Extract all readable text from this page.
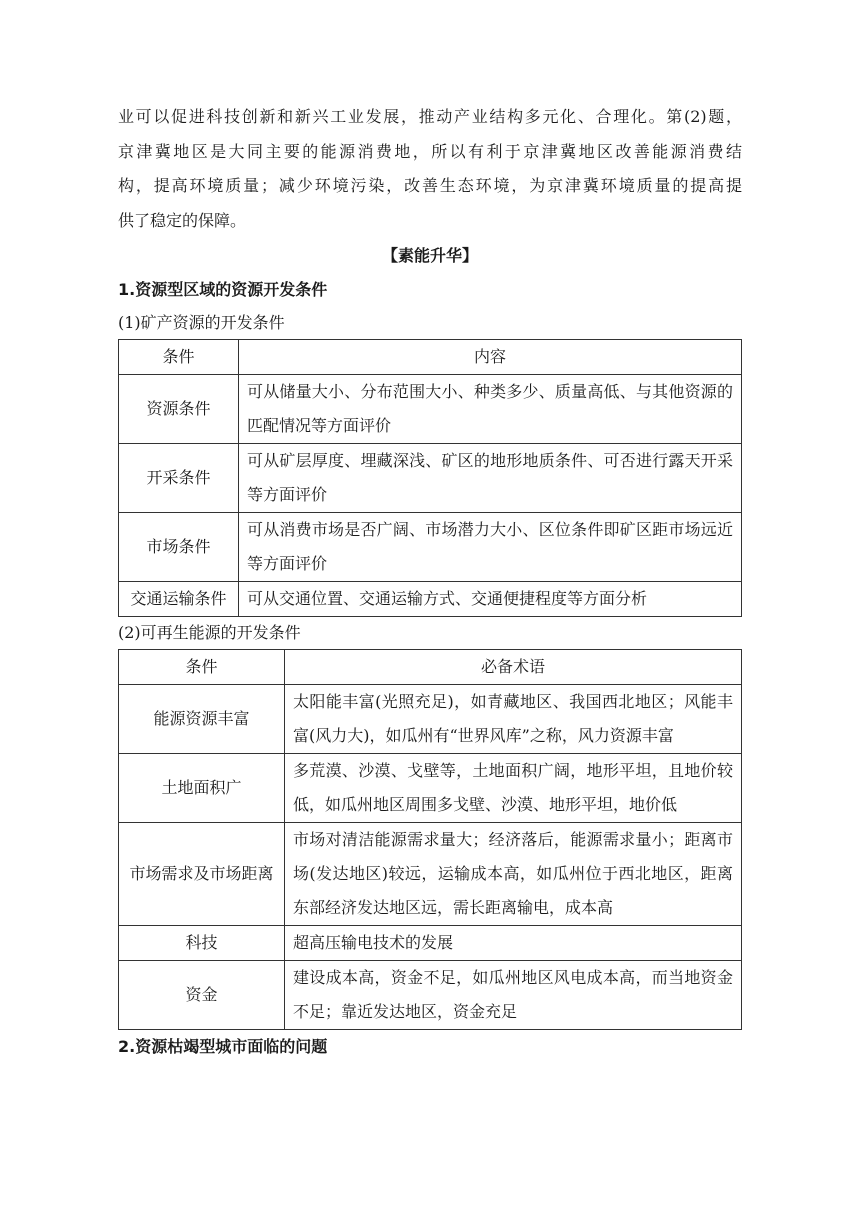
业可以促进科技创新和新兴工业发展，推动产业结构多元化、合理化。第(2)题，

京津冀地区是大同主要的能源消费地，所以有利于京津冀地区改善能源消费结

构，提高环境质量；减少环境污染，改善生态环境，为京津冀环境质量的提高提

供了稳定的保障。

【素能升华】

1.资源型区域的资源开发条件

(1)矿产资源的开发条件

条件	内容
资源条件	可从储量大小、分布范围大小、种类多少、质量高低、与其他资源的匹配情况等方面评价
开采条件	可从矿层厚度、埋藏深浅、矿区的地形地质条件、可否进行露天开采等方面评价
市场条件	可从消费市场是否广阔、市场潜力大小、区位条件即矿区距市场远近等方面评价
交通运输条件	可从交通位置、交通运输方式、交通便捷程度等方面分析

(2)可再生能源的开发条件

条件	必备术语
能源资源丰富	太阳能丰富(光照充足)，如青藏地区、我国西北地区；风能丰富(风力大)，如瓜州有“世界风库”之称，风力资源丰富
土地面积广	多荒漠、沙漠、戈壁等，土地面积广阔，地形平坦，且地价较低，如瓜州地区周围多戈壁、沙漠、地形平坦，地价低
市场需求及市场距离	市场对清洁能源需求量大；经济落后，能源需求量小；距离市场(发达地区)较远，运输成本高，如瓜州位于西北地区，距离东部经济发达地区远，需长距离输电，成本高
科技	超高压输电技术的发展
资金	建设成本高，资金不足，如瓜州地区风电成本高，而当地资金不足；靠近发达地区，资金充足

2.资源枯竭型城市面临的问题
